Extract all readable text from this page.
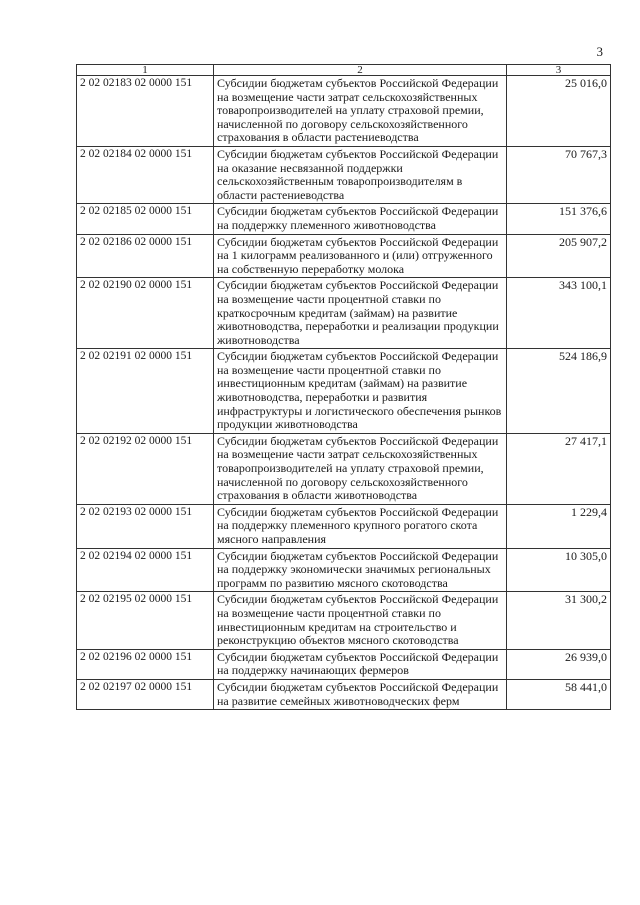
3
1	2	3
2 02 02183 02 0000 151	Субсидии бюджетам субъектов Российской Федерации на возмещение части затрат сельскохозяйственных товаропроизводителей на уплату страховой премии, начисленной по договору сельскохозяйственного страхования в области растениеводства	25 016,0
2 02 02184 02 0000 151	Субсидии бюджетам субъектов Российской Федерации на оказание несвязанной поддержки сельскохозяйственным товаропроизводителям в области растениеводства	70 767,3
2 02 02185 02 0000 151	Субсидии бюджетам субъектов Российской Федерации на поддержку племенного животноводства	151 376,6
2 02 02186 02 0000 151	Субсидии бюджетам субъектов Российской Федерации на 1 килограмм реализованного и (или) отгруженного на собственную переработку молока	205 907,2
2 02 02190 02 0000 151	Субсидии бюджетам субъектов Российской Федерации на возмещение части процентной ставки по краткосрочным кредитам (займам) на развитие животноводства, переработки и реализации продукции животноводства	343 100,1
2 02 02191 02 0000 151	Субсидии бюджетам субъектов Российской Федерации на возмещение части процентной ставки по инвестиционным кредитам (займам) на развитие животноводства, переработки и развития инфраструктуры и логистического обеспечения рынков продукции животноводства	524 186,9
2 02 02192 02 0000 151	Субсидии бюджетам субъектов Российской Федерации на возмещение части затрат сельскохозяйственных товаропроизводителей на уплату страховой премии, начисленной по договору сельскохозяйственного страхования в области животноводства	27 417,1
2 02 02193 02 0000 151	Субсидии бюджетам субъектов Российской Федерации на поддержку племенного крупного рогатого скота мясного направления	1 229,4
2 02 02194 02 0000 151	Субсидии бюджетам субъектов Российской Федерации на поддержку экономически значимых региональных программ по развитию мясного скотоводства	10 305,0
2 02 02195 02 0000 151	Субсидии бюджетам субъектов Российской Федерации на возмещение части процентной ставки по инвестиционным кредитам на строительство и реконструкцию объектов мясного скотоводства	31 300,2
2 02 02196 02 0000 151	Субсидии бюджетам субъектов Российской Федерации на поддержку начинающих фермеров	26 939,0
2 02 02197 02 0000 151	Субсидии бюджетам субъектов Российской Федерации на развитие семейных животноводческих ферм	58 441,0
